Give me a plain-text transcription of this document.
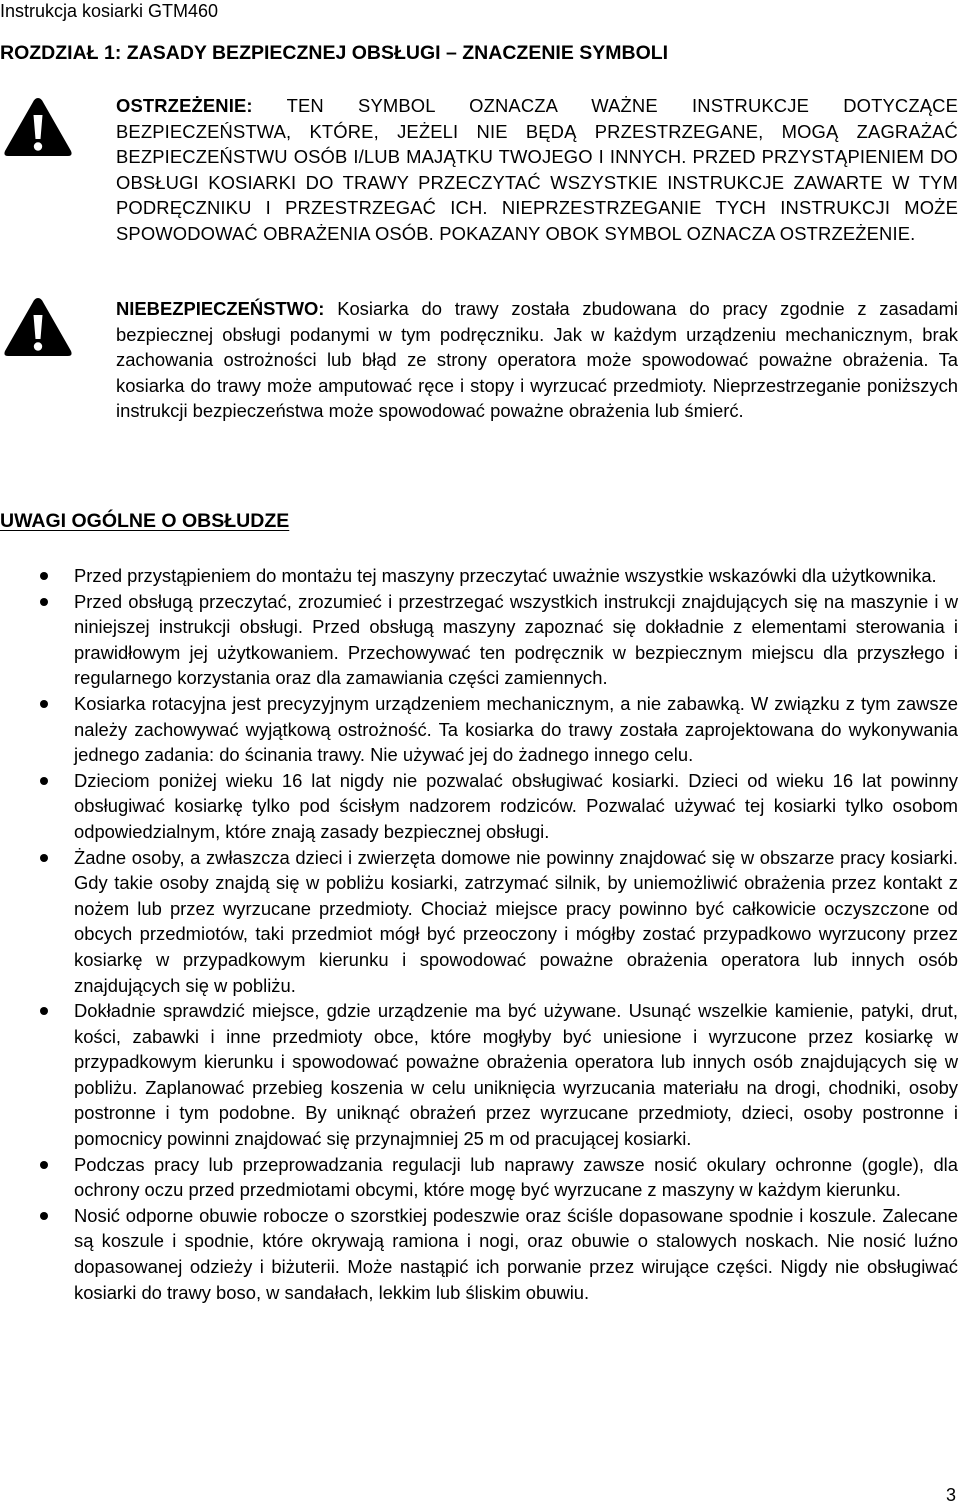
Instrukcja kosiarki GTM460
ROZDZIAŁ 1: ZASADY BEZPIECZNEJ OBSŁUGI – ZNACZENIE SYMBOLI
OSTRZEŻENIE: TEN SYMBOL OZNACZA WAŻNE INSTRUKCJE DOTYCZĄCE BEZPIECZEŃSTWA, KTÓRE, JEŻELI NIE BĘDĄ PRZESTRZEGANE, MOGĄ ZAGRAŻAĆ BEZPIECZEŃSTWU OSÓB I/LUB MAJĄTKU TWOJEGO I INNYCH. PRZED PRZYSTĄPIENIEM DO OBSŁUGI KOSIARKI DO TRAWY PRZECZYTAĆ WSZYSTKIE INSTRUKCJE ZAWARTE W TYM PODRĘCZNIKU I PRZESTRZEGAĆ ICH. NIEPRZESTRZEGANIE TYCH INSTRUKCJI MOŻE SPOWODOWAĆ OBRAŻENIA OSÓB. POKAZANY OBOK SYMBOL OZNACZA OSTRZEŻENIE.
NIEBEZPIECZEŃSTWO: Kosiarka do trawy została zbudowana do pracy zgodnie z zasadami bezpiecznej obsługi podanymi w tym podręczniku. Jak w każdym urządzeniu mechanicznym, brak zachowania ostrożności lub błąd ze strony operatora może spowodować poważne obrażenia. Ta kosiarka do trawy może amputować ręce i stopy i wyrzucać przedmioty. Nieprzestrzeganie poniższych instrukcji bezpieczeństwa może spowodować poważne obrażenia lub śmierć.
UWAGI OGÓLNE O OBSŁUDZE
Przed przystąpieniem do montażu tej maszyny przeczytać uważnie wszystkie wskazówki dla użytkownika.
Przed obsługą przeczytać, zrozumieć i przestrzegać wszystkich instrukcji znajdujących się na maszynie i w niniejszej instrukcji obsługi. Przed obsługą maszyny zapoznać się dokładnie z elementami sterowania i prawidłowym jej użytkowaniem. Przechowywać ten podręcznik w bezpiecznym miejscu dla przyszłego i regularnego korzystania oraz dla zamawiania części zamiennych.
Kosiarka rotacyjna jest precyzyjnym urządzeniem mechanicznym, a nie zabawką. W związku z tym zawsze należy zachowywać wyjątkową ostrożność. Ta kosiarka do trawy została zaprojektowana do wykonywania jednego zadania: do ścinania trawy. Nie używać jej do żadnego innego celu.
Dzieciom poniżej wieku 16 lat nigdy nie pozwalać obsługiwać kosiarki. Dzieci od wieku 16 lat powinny obsługiwać kosiarkę tylko pod ścisłym nadzorem rodziców. Pozwalać używać tej kosiarki tylko osobom odpowiedzialnym, które znają zasady bezpiecznej obsługi.
Żadne osoby, a zwłaszcza dzieci i zwierzęta domowe nie powinny znajdować się w obszarze pracy kosiarki. Gdy takie osoby znajdą się w pobliżu kosiarki, zatrzymać silnik, by uniemożliwić obrażenia przez kontakt z nożem lub przez wyrzucane przedmioty. Chociaż miejsce pracy powinno być całkowicie oczyszczone od obcych przedmiotów, taki przedmiot mógł być przeoczony i mógłby zostać przypadkowo wyrzucony przez kosiarkę w przypadkowym kierunku i spowodować poważne obrażenia operatora lub innych osób znajdujących się w pobliżu.
Dokładnie sprawdzić miejsce, gdzie urządzenie ma być używane. Usunąć wszelkie kamienie, patyki, drut, kości, zabawki i inne przedmioty obce, które mogłyby być uniesione i wyrzucone przez kosiarkę w przypadkowym kierunku i spowodować poważne obrażenia operatora lub innych osób znajdujących się w pobliżu. Zaplanować przebieg koszenia w celu uniknięcia wyrzucania materiału na drogi, chodniki, osoby postronne i tym podobne. By uniknąć obrażeń przez wyrzucane przedmioty, dzieci, osoby postronne i pomocnicy powinni znajdować się przynajmniej 25 m od pracującej kosiarki.
Podczas pracy lub przeprowadzania regulacji lub naprawy zawsze nosić okulary ochronne (gogle), dla ochrony oczu przed przedmiotami obcymi, które mogę być wyrzucane z maszyny w każdym kierunku.
Nosić odporne obuwie robocze o szorstkiej podeszwie oraz ściśle dopasowane spodnie i koszule. Zalecane są koszule i spodnie, które okrywają ramiona i nogi, oraz obuwie o stalowych noskach. Nie nosić luźno dopasowanej odzieży i biżuterii. Może nastąpić ich porwanie przez wirujące części. Nigdy nie obsługiwać kosiarki do trawy boso, w sandałach, lekkim lub śliskim obuwiu.
3
